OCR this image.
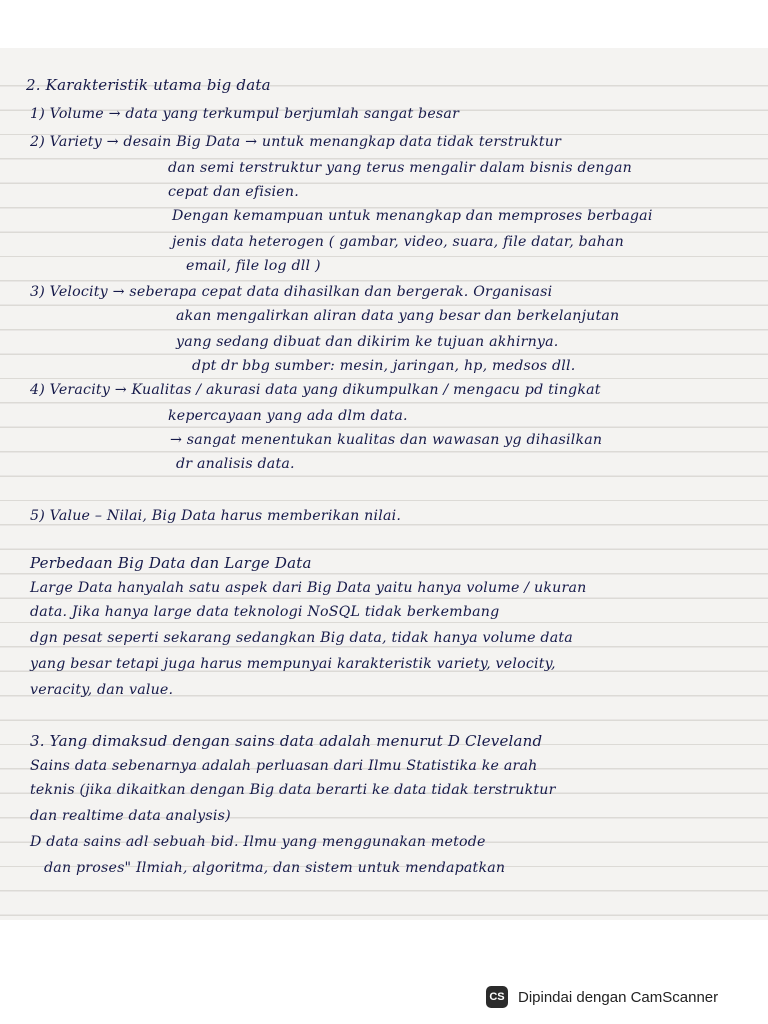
2. Karakteristik utama big data

1) Volume → data yang terkumpul berjumlah sangat besar

2) Variety → desain Big Data → untuk menangkap data tidak terstruktur

dan semi terstruktur yang terus mengalir dalam bisnis dengan

cepat dan efisien.

Dengan kemampuan untuk menangkap dan memproses berbagai

jenis data heterogen ( gambar, video, suara, file datar, bahan

email, file log dll )

3) Velocity → seberapa cepat data dihasilkan dan bergerak. Organisasi

akan mengalirkan aliran data yang besar dan berkelanjutan

yang sedang dibuat dan dikirim ke tujuan akhirnya.

dpt dr bbg sumber: mesin, jaringan, hp, medsos dll.

4) Veracity → Kualitas / akurasi data yang dikumpulkan / mengacu pd tingkat

kepercayaan yang ada dlm data.

→ sangat menentukan kualitas dan wawasan yg dihasilkan

dr analisis data.

5) Value – Nilai, Big Data harus memberikan nilai.

Perbedaan Big Data dan Large Data

Large Data hanyalah satu aspek dari Big Data yaitu hanya volume / ukuran

data. Jika hanya large data teknologi NoSQL tidak berkembang

dgn pesat seperti sekarang sedangkan Big data, tidak hanya volume data

yang besar tetapi juga harus mempunyai karakteristik variety, velocity,

veracity, dan value.

3. Yang dimaksud dengan sains data adalah menurut D Cleveland

Sains data sebenarnya adalah perluasan dari Ilmu Statistika ke arah

teknis (jika dikaitkan dengan Big data berarti ke data tidak terstruktur

dan realtime data analysis)

D data sains adl sebuah bid. Ilmu yang menggunakan metode

dan proses" Ilmiah, algoritma, dan sistem untuk mendapatkan

CS Dipindai dengan CamScanner
